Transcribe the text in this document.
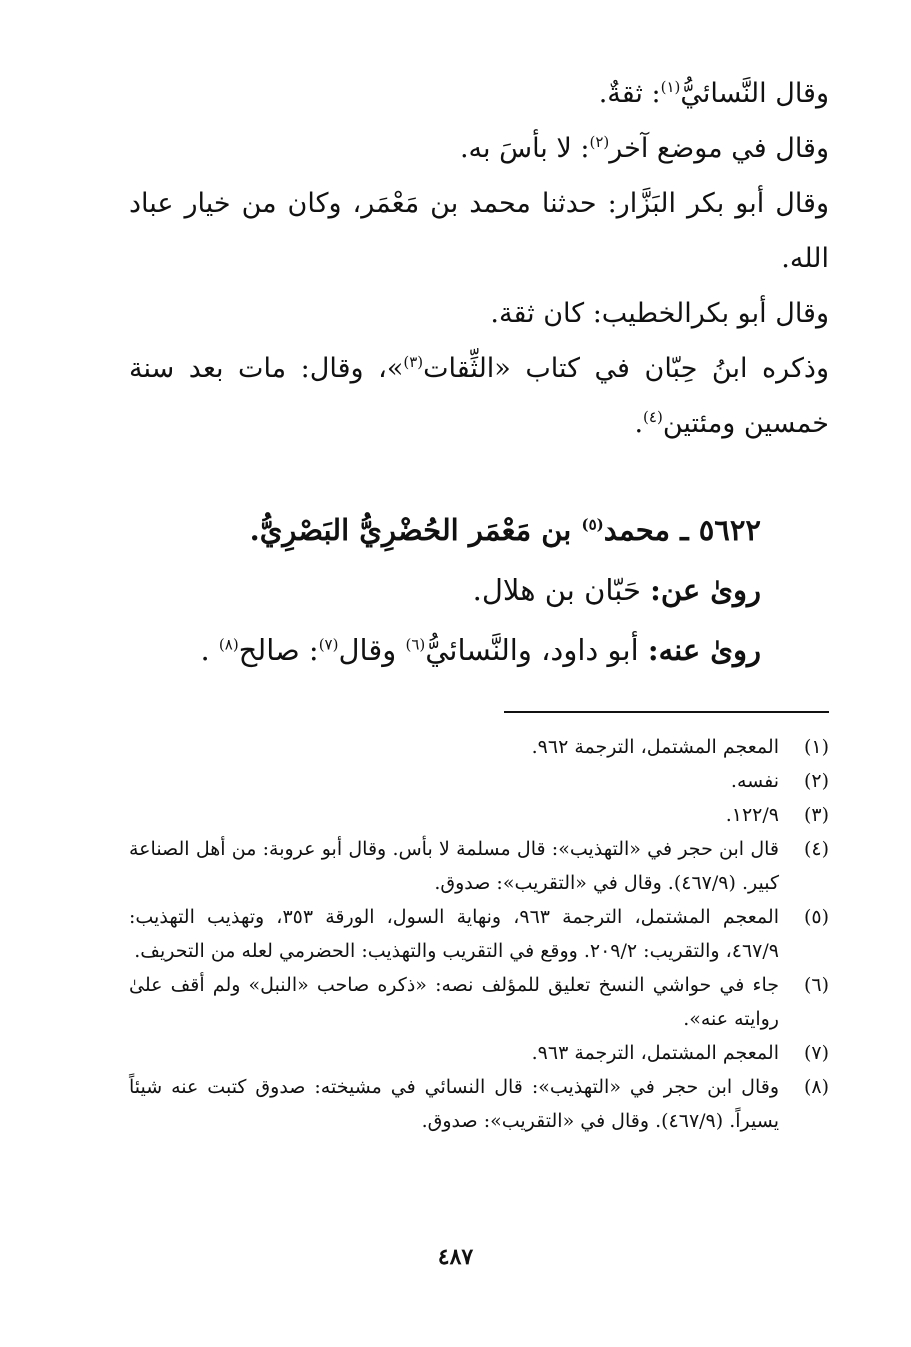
وقال النَّسائيُّ$^{(١)}$: ثقةٌ.

وقال في موضع آخر$^{(٢)}$: لا بأسَ به.

وقال أبو بكر البَزَّار: حدثنا محمد بن مَعْمَر، وكان من خيار عباد الله.

وقال أبو بكرالخطيب: كان ثقة.

وذكره ابنُ حِبّان في كتاب «الثِّقات$^{(٣)}$»، وقال: مات بعد سنة خمسين ومئتين$^{(٤)}$.

٥٦٢٢ ـ محمد$^{(٥)}$ بن مَعْمَر الحُضْرِيُّ البَصْرِيُّ.

روىٰ عن: حَبّان بن هلال.

روىٰ عنه: أبو داود، والنَّسائيُّ$^{(٦)}$ وقال$^{(٧)}$: صالح$^{(٨)}$ .

(١)
المعجم المشتمل، الترجمة ٩٦٢.
(٢)
نفسه.
(٣)
١٢٢/٩.
(٤)
قال ابن حجر في «التهذيب»: قال مسلمة لا بأس. وقال أبو عروبة: من أهل الصناعة كبير. (٤٦٧/٩). وقال في «التقريب»: صدوق.
(٥)
المعجم المشتمل، الترجمة ٩٦٣، ونهاية السول، الورقة ٣٥٣، وتهذيب التهذيب: ٤٦٧/٩، والتقريب: ٢٠٩/٢. ووقع في التقريب والتهذيب: الحضرمي لعله من التحريف.
(٦)
جاء في حواشي النسخ تعليق للمؤلف نصه: «ذكره صاحب «النبل» ولم أقف علىٰ روايته عنه».
(٧)
المعجم المشتمل، الترجمة ٩٦٣.
(٨)
وقال ابن حجر في «التهذيب»: قال النسائي في مشيخته: صدوق كتبت عنه شيئاً يسيراً. (٤٦٧/٩). وقال في «التقريب»: صدوق.
٤٨٧
